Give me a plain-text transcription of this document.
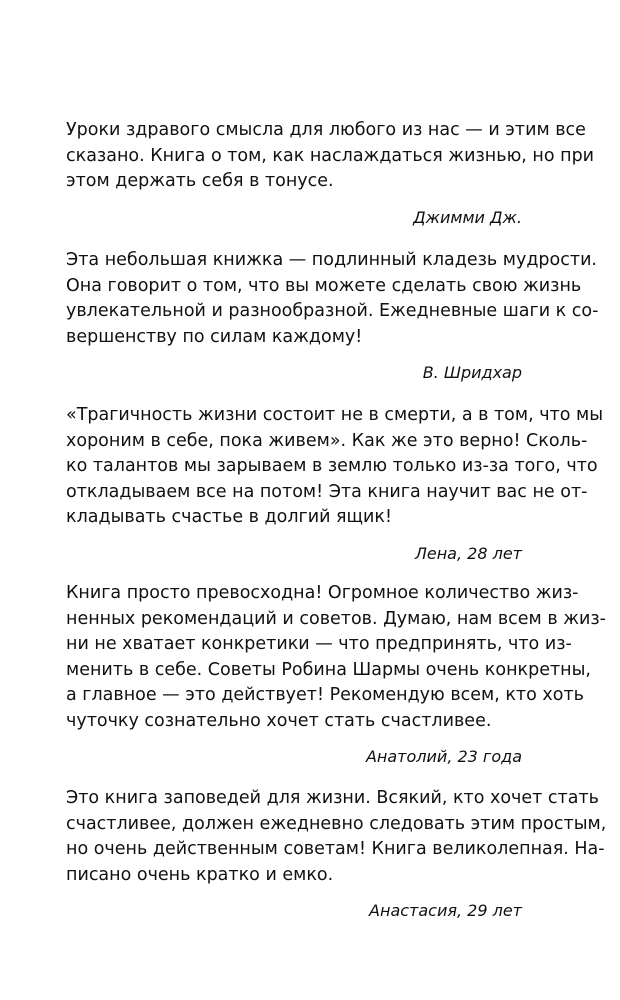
Уроки здравого смысла для любого из нас — и этим все
сказано. Книга о том, как наслаждаться жизнью, но при
этом держать себя в тонусе.

Джимми Дж.

Эта небольшая книжка — подлинный кладезь мудрости.
Она говорит о том, что вы можете сделать свою жизнь
увлекательной и разнообразной. Ежедневные шаги к со-
вершенству по силам каждому!

В. Шридхар

«Трагичность жизни состоит не в смерти, а в том, что мы
хороним в себе, пока живем». Как же это верно! Сколь-
ко талантов мы зарываем в землю только из-за того, что
откладываем все на потом! Эта книга научит вас не от-
кладывать счастье в долгий ящик!

Лена, 28 лет

Книга просто превосходна! Огромное количество жиз-
ненных рекомендаций и советов. Думаю, нам всем в жиз-
ни не хватает конкретики — что предпринять, что из-
менить в себе. Советы Робина Шармы очень конкретны,
а главное — это действует! Рекомендую всем, кто хоть
чуточку сознательно хочет стать счастливее.

Анатолий, 23 года

Это книга заповедей для жизни. Всякий, кто хочет стать
счастливее, должен ежедневно следовать этим простым,
но очень действенным советам! Книга великолепная. На-
писано очень кратко и емко.

Анастасия, 29 лет
